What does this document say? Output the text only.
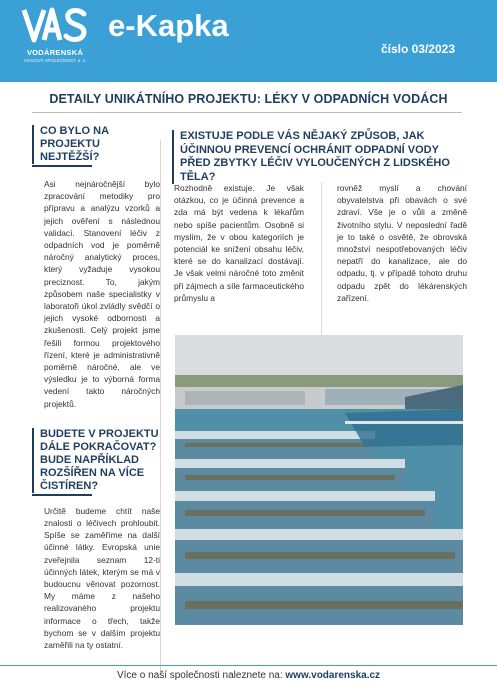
VODÁRENSKÁ
AKCIOVÁ SPOLEČNOST, a. s.
e-Kapka
číslo 03/2023
DETAILY UNIKÁTNÍHO PROJEKTU: LÉKY V ODPADNÍCH VODÁCH
CO BYLO NA PROJEKTU NEJTĚŽŠÍ?
Asi nejnáročnější bylo zpracování metodiky pro přípravu a analýzu vzorků a jejich ověření s následnou validací. Stanovení léčiv z odpadních vod je poměrně náročný analytický proces, který vyžaduje vysokou preciznost. To, jakým způsobem naše specialistky v laboratoři úkol zvládly svědčí o jejich vysoké odbornosti a zkušenosti. Celý projekt jsme řešili formou projektového řízení, které je administrativně poměrně náročné, ale ve výsledku je to výborná forma vedení takto náročných projektů.
BUDETE V PROJEKTU DÁLE POKRAČOVAT? BUDE NAPŘÍKLAD ROZŠÍŘEN NA VÍCE ČISTÍREN?
Určitě budeme chtít naše znalosti o léčivech prohloubit. Spíše se zaměříme na další účinné látky. Evropská unie zveřejnila seznam 12-ti účinných látek, kterým se má v budoucnu věnovat pozornost. My máme z našeho realizovaného projektu informace o třech, takže bychom se v dalším projektu zaměřili na ty ostatní.
EXISTUJE PODLE VÁS NĚJAKÝ ZPŮSOB, JAK ÚČINNOU PREVENCÍ OCHRÁNIT ODPADNÍ VODY PŘED ZBYTKY LÉČIV VYLOUČENÝCH Z LIDSKÉHO TĚLA?
Rozhodně existuje. Je však otázkou, co je účinná prevence a zda má být vedena k lékařům nebo spíše pacientům. Osobně si myslím, že v obou kategoriích je potenciál ke snížení obsahu léčiv, které se do kanalizací dostávají. Je však velmi náročné toto změnit při zájmech a síle farmaceutického průmyslu a
rovněž myslí a chování obyvatelstva při obavách o své zdraví. Vše je o vůli a změně životního stylu. V neposlední řadě je to také o osvětě, že obrovská množství nespotřebovaných léčiv nepatří do kanalizace, ale do odpadu, tj. v případě tohoto druhu odpadu zpět do lékárenských zařízení.
Více o naší společnosti naleznete na: www.vodarenska.cz
